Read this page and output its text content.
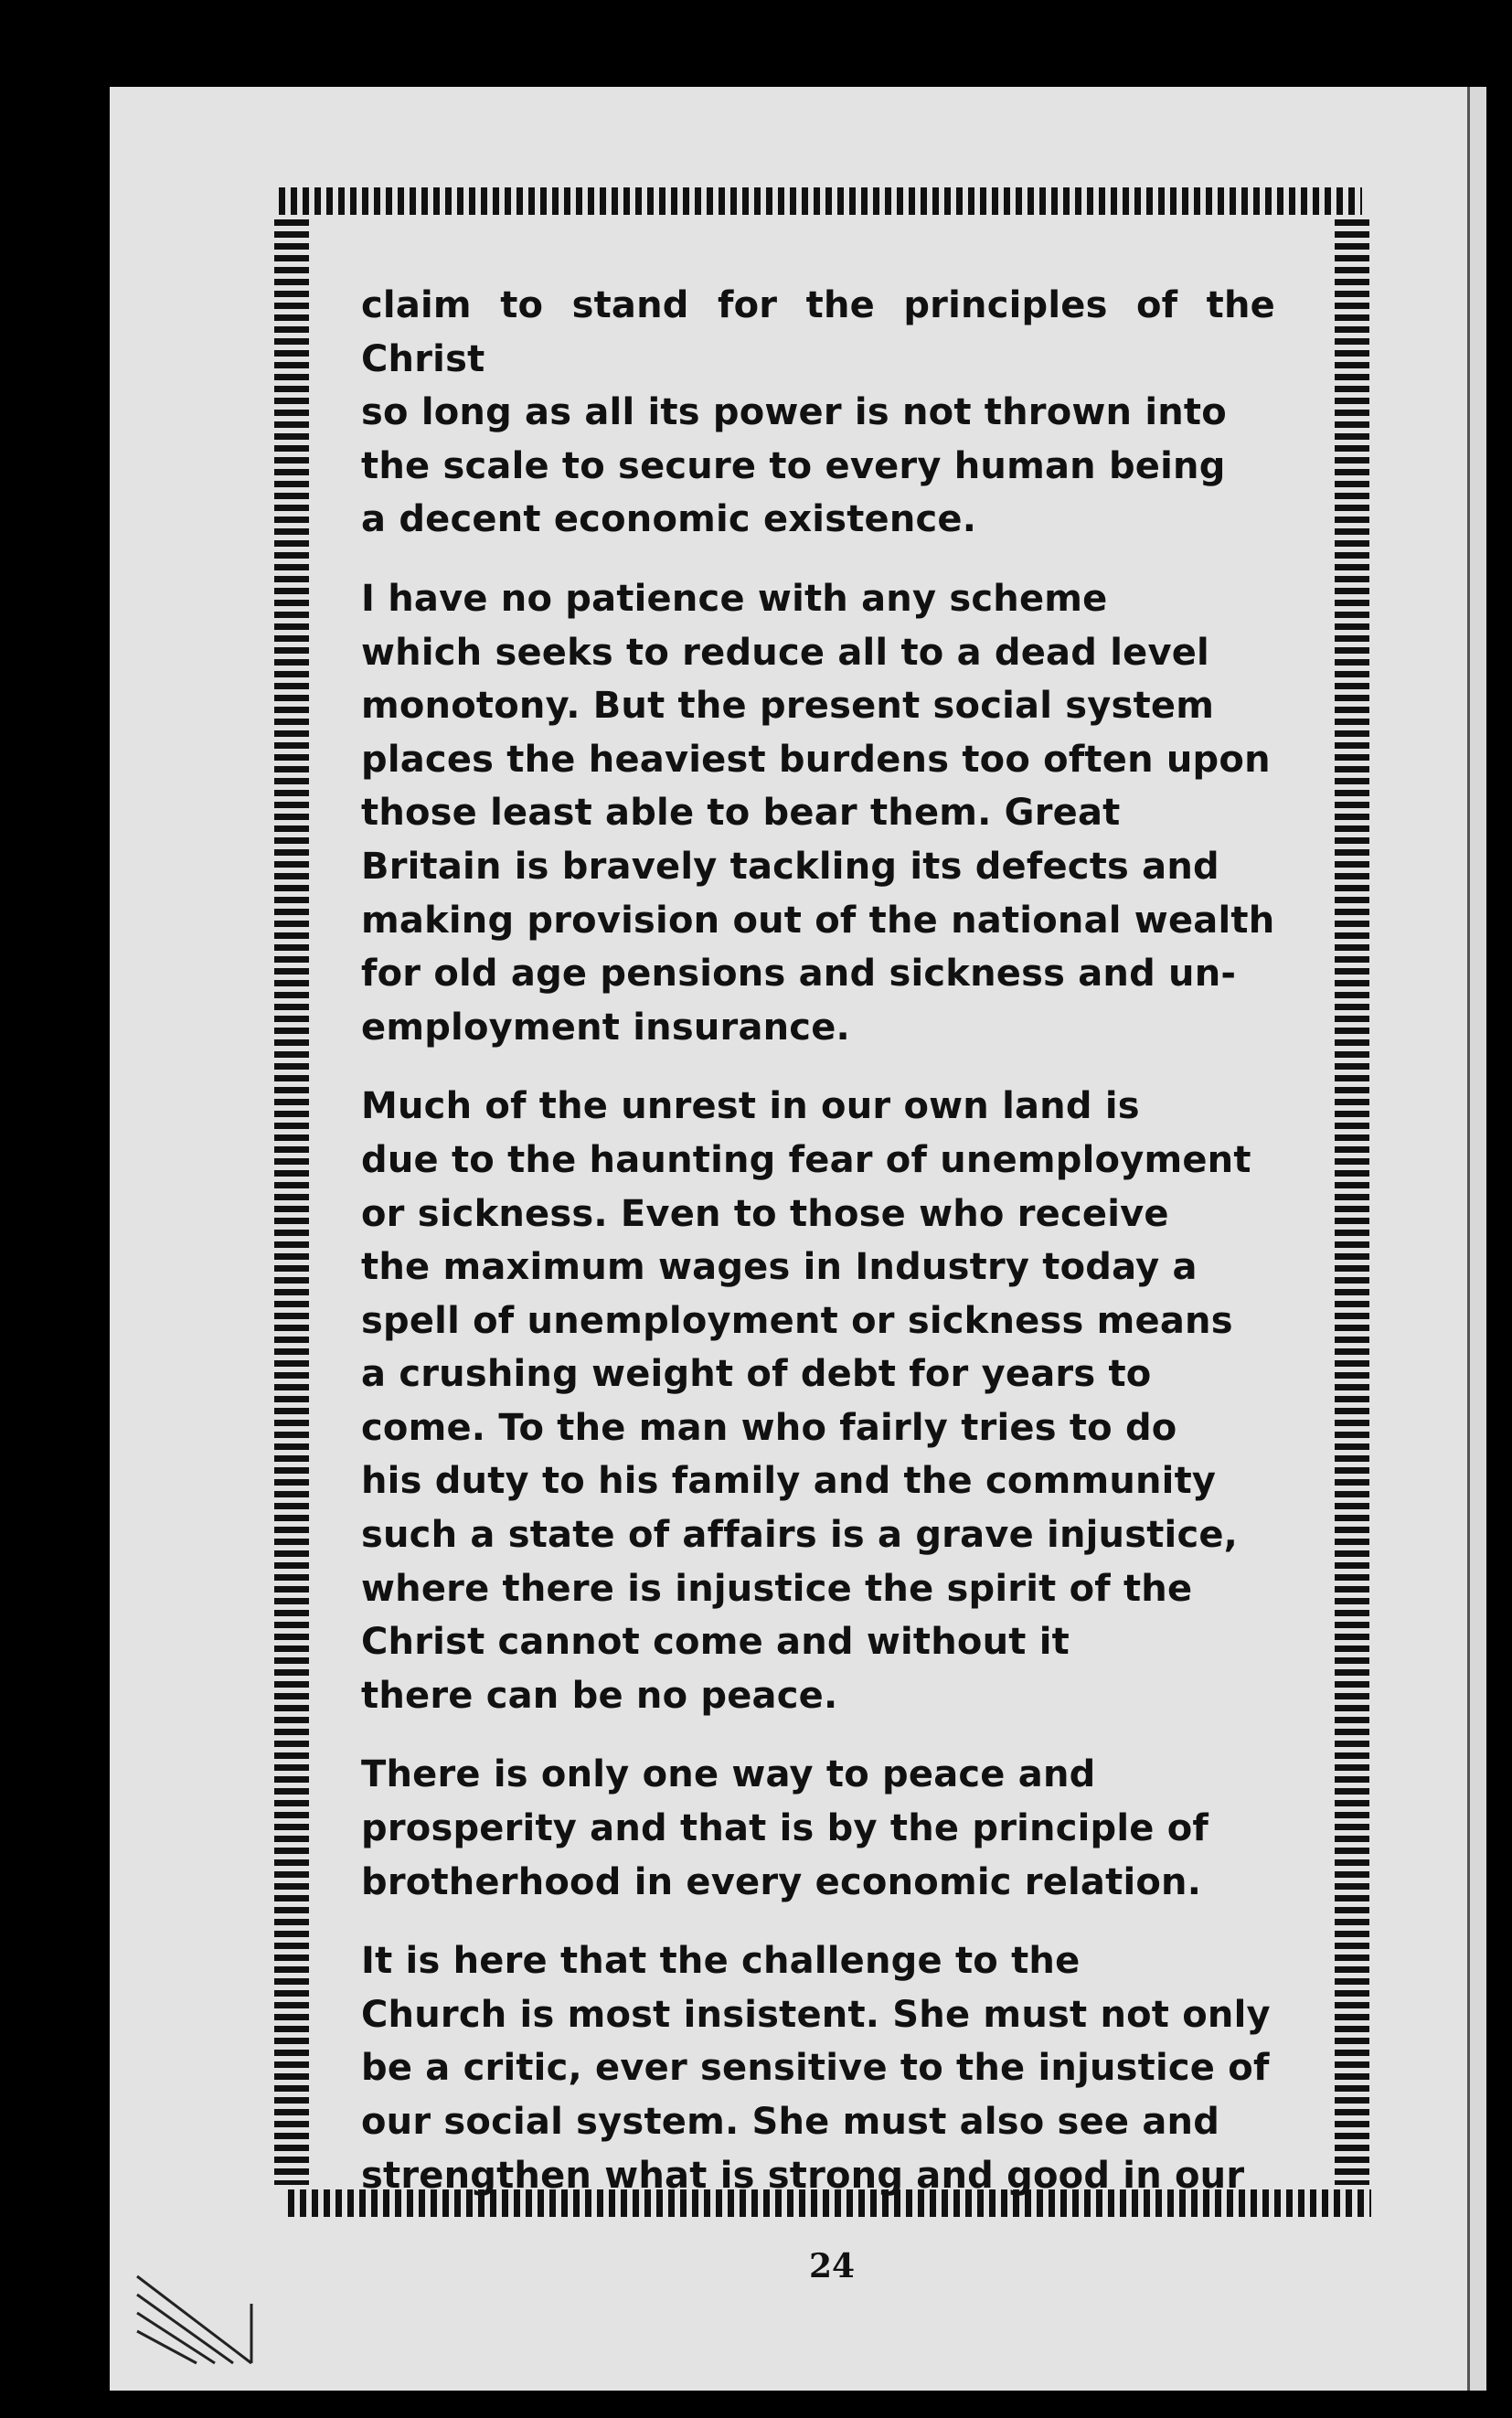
claim to stand for the principles of the Christ
so long as all its power is not thrown into
the scale to secure to every human being
a decent economic existence.

I have no patience with any scheme
which seeks to reduce all to a dead level
monotony. But the present social system
places the heaviest burdens too often upon
those least able to bear them. Great
Britain is bravely tackling its defects and
making provision out of the national wealth
for old age pensions and sickness and un-
employment insurance.

Much of the unrest in our own land is
due to the haunting fear of unemployment
or sickness. Even to those who receive
the maximum wages in Industry today a
spell of unemployment or sickness means
a crushing weight of debt for years to
come. To the man who fairly tries to do
his duty to his family and the community
such a state of affairs is a grave injustice,
where there is injustice the spirit of the
Christ cannot come and without it
there can be no peace.

There is only one way to peace and
prosperity and that is by the principle of
brotherhood in every economic relation.

It is here that the challenge to the
Church is most insistent. She must not only
be a critic, ever sensitive to the injustice of
our social system. She must also see and
strengthen what is strong and good in our

24
